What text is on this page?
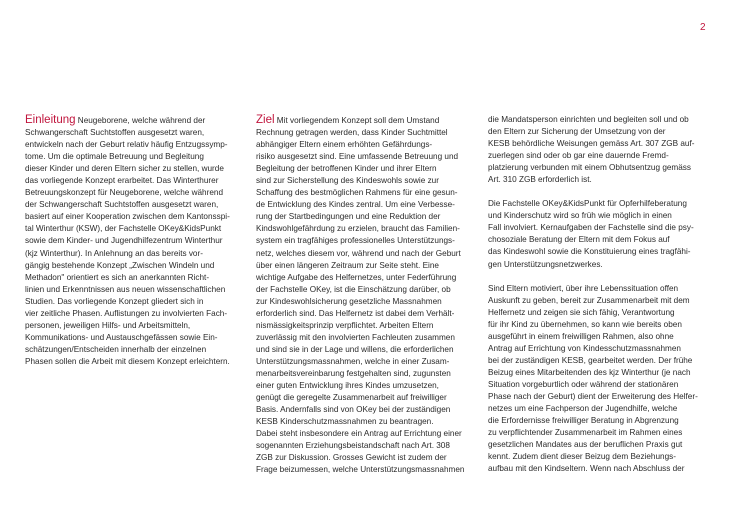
2
Einleitung Neugeborene, welche während der
Schwangerschaft Suchtstoffen ausgesetzt waren,
entwickeln nach der Geburt relativ häufig Entzugssymp-
tome. Um die optimale Betreuung und Begleitung
dieser Kinder und deren Eltern sicher zu stellen, wurde
das vorliegende Konzept erarbeitet. Das Winterthurer
Betreuungskonzept für Neugeborene, welche während
der Schwangerschaft Suchtstoffen ausgesetzt waren,
basiert auf einer Kooperation zwischen dem Kantonsspi-
tal Winterthur (KSW), der Fachstelle OKey&KidsPunkt
sowie dem Kinder- und Jugendhilfezentrum Winterthur
(kjz Winterthur). In Anlehnung an das bereits vor-
gängig bestehende Konzept „Zwischen Windeln und
Methadon" orientiert es sich an anerkannten Richt-
linien und Erkenntnissen aus neuen wissenschaftlichen
Studien. Das vorliegende Konzept gliedert sich in
vier zeitliche Phasen. Auflistungen zu involvierten Fach-
personen, jeweiligen Hilfs- und Arbeitsmitteln,
Kommunikations- und Austauschgefässen sowie Ein-
schätzungen/Entscheiden innerhalb der einzelnen
Phasen sollen die Arbeit mit diesem Konzept erleichtern.
Ziel Mit vorliegendem Konzept soll dem Umstand
Rechnung getragen werden, dass Kinder Suchtmittel
abhängiger Eltern einem erhöhten Gefährdungs-
risiko ausgesetzt sind. Eine umfassende Betreuung und
Begleitung der betroffenen Kinder und ihrer Eltern
sind zur Sicherstellung des Kindeswohls sowie zur
Schaffung des bestmöglichen Rahmens für eine gesun-
de Entwicklung des Kindes zentral. Um eine Verbesse-
rung der Startbedingungen und eine Reduktion der
Kindswohlgefährdung zu erzielen, braucht das Familien-
system ein tragfähiges professionelles Unterstützungs-
netz, welches diesem vor, während und nach der Geburt
über einen längeren Zeitraum zur Seite steht. Eine
wichtige Aufgabe des Helfernetzes, unter Federführung
der Fachstelle OKey, ist die Einschätzung darüber, ob
zur Kindeswohlsicherung gesetzliche Massnahmen
erforderlich sind. Das Helfernetz ist dabei dem Verhält-
nismässigkeitsprinzip verpflichtet. Arbeiten Eltern
zuverlässig mit den involvierten Fachleuten zusammen
und sind sie in der Lage und willens, die erforderlichen
Unterstützungsmassnahmen, welche in einer Zusam-
menarbeitsvereinbarung festgehalten sind, zugunsten
einer guten Entwicklung ihres Kindes umzusetzen,
genügt die geregelte Zusammenarbeit auf freiwilliger
Basis. Andernfalls sind von OKey bei der zuständigen
KESB Kinderschutzmassnahmen zu beantragen.
Dabei steht insbesondere ein Antrag auf Errichtung einer
sogenannten Erziehungsbeistandschaft nach Art. 308
ZGB zur Diskussion. Grosses Gewicht ist zudem der
Frage beizumessen, welche Unterstützungsmassnahmen
die Mandatsperson einrichten und begleiten soll und ob
den Eltern zur Sicherung der Umsetzung von der
KESB behördliche Weisungen gemäss Art. 307 ZGB auf-
zuerlegen sind oder ob gar eine dauernde Fremd-
platzierung verbunden mit einem Obhutsentzug gemäss
Art. 310 ZGB erforderlich ist.
Die Fachstelle OKey&KidsPunkt für Opferhilfeberatung
und Kinderschutz wird so früh wie möglich in einen
Fall involviert. Kernaufgaben der Fachstelle sind die psy-
chosoziale Beratung der Eltern mit dem Fokus auf
das Kindeswohl sowie die Konstituierung eines tragfähi-
gen Unterstützungsnetzwerkes.
Sind Eltern motiviert, über ihre Lebenssituation offen
Auskunft zu geben, bereit zur Zusammenarbeit mit dem
Helfernetz und zeigen sie sich fähig, Verantwortung
für ihr Kind zu übernehmen, so kann wie bereits oben
ausgeführt in einem freiwilligen Rahmen, also ohne
Antrag auf Errichtung von Kindesschutzmassnahmen
bei der zuständigen KESB, gearbeitet werden. Der frühe
Beizug eines Mitarbeitenden des kjz Winterthur (je nach
Situation vorgeburtlich oder während der stationären
Phase nach der Geburt) dient der Erweiterung des Helfer-
netzes um eine Fachperson der Jugendhilfe, welche
die Erfordernisse freiwilliger Beratung in Abgrenzung
zu verpflichtender Zusammenarbeit im Rahmen eines
gesetzlichen Mandates aus der beruflichen Praxis gut
kennt. Zudem dient dieser Beizug dem Beziehungs-
aufbau mit den Kindseltern. Wenn nach Abschluss der
